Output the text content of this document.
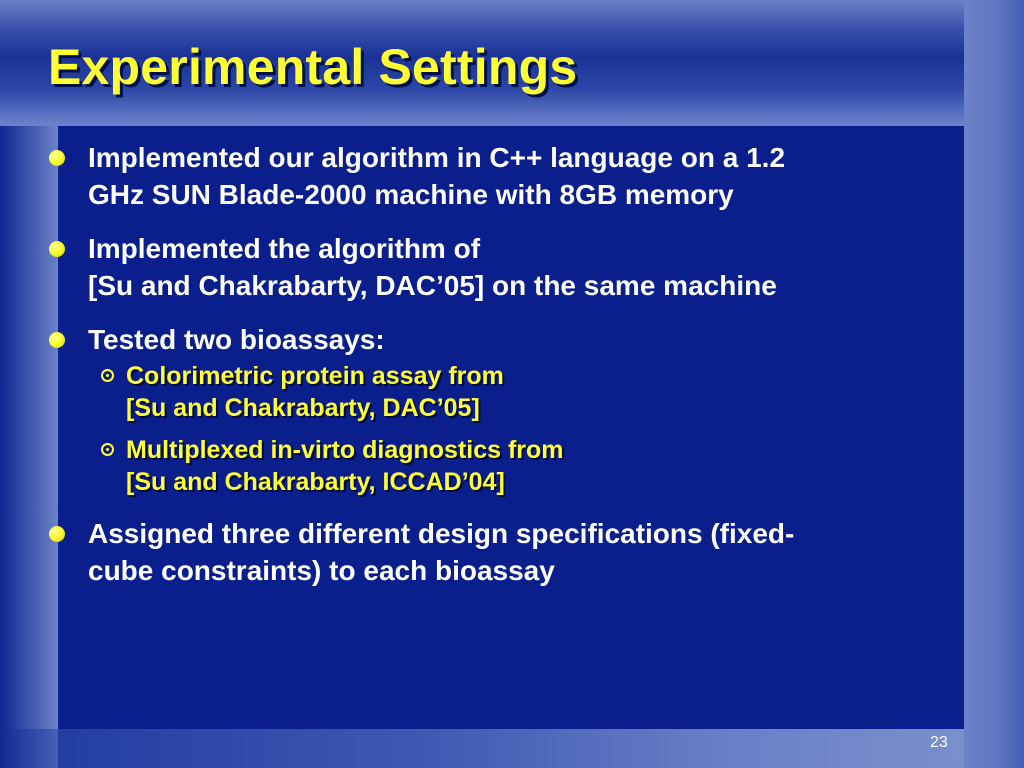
Experimental Settings
Implemented our algorithm in C++ language on a 1.2
GHz SUN Blade-2000 machine with 8GB memory
Implemented the algorithm of
[Su and Chakrabarty, DAC’05] on the same machine
Tested two bioassays:
Colorimetric protein assay from
[Su and Chakrabarty, DAC’05]
Multiplexed in-virto diagnostics from
[Su and Chakrabarty, ICCAD’04]
Assigned three different design specifications (fixed-
cube constraints) to each bioassay
23
